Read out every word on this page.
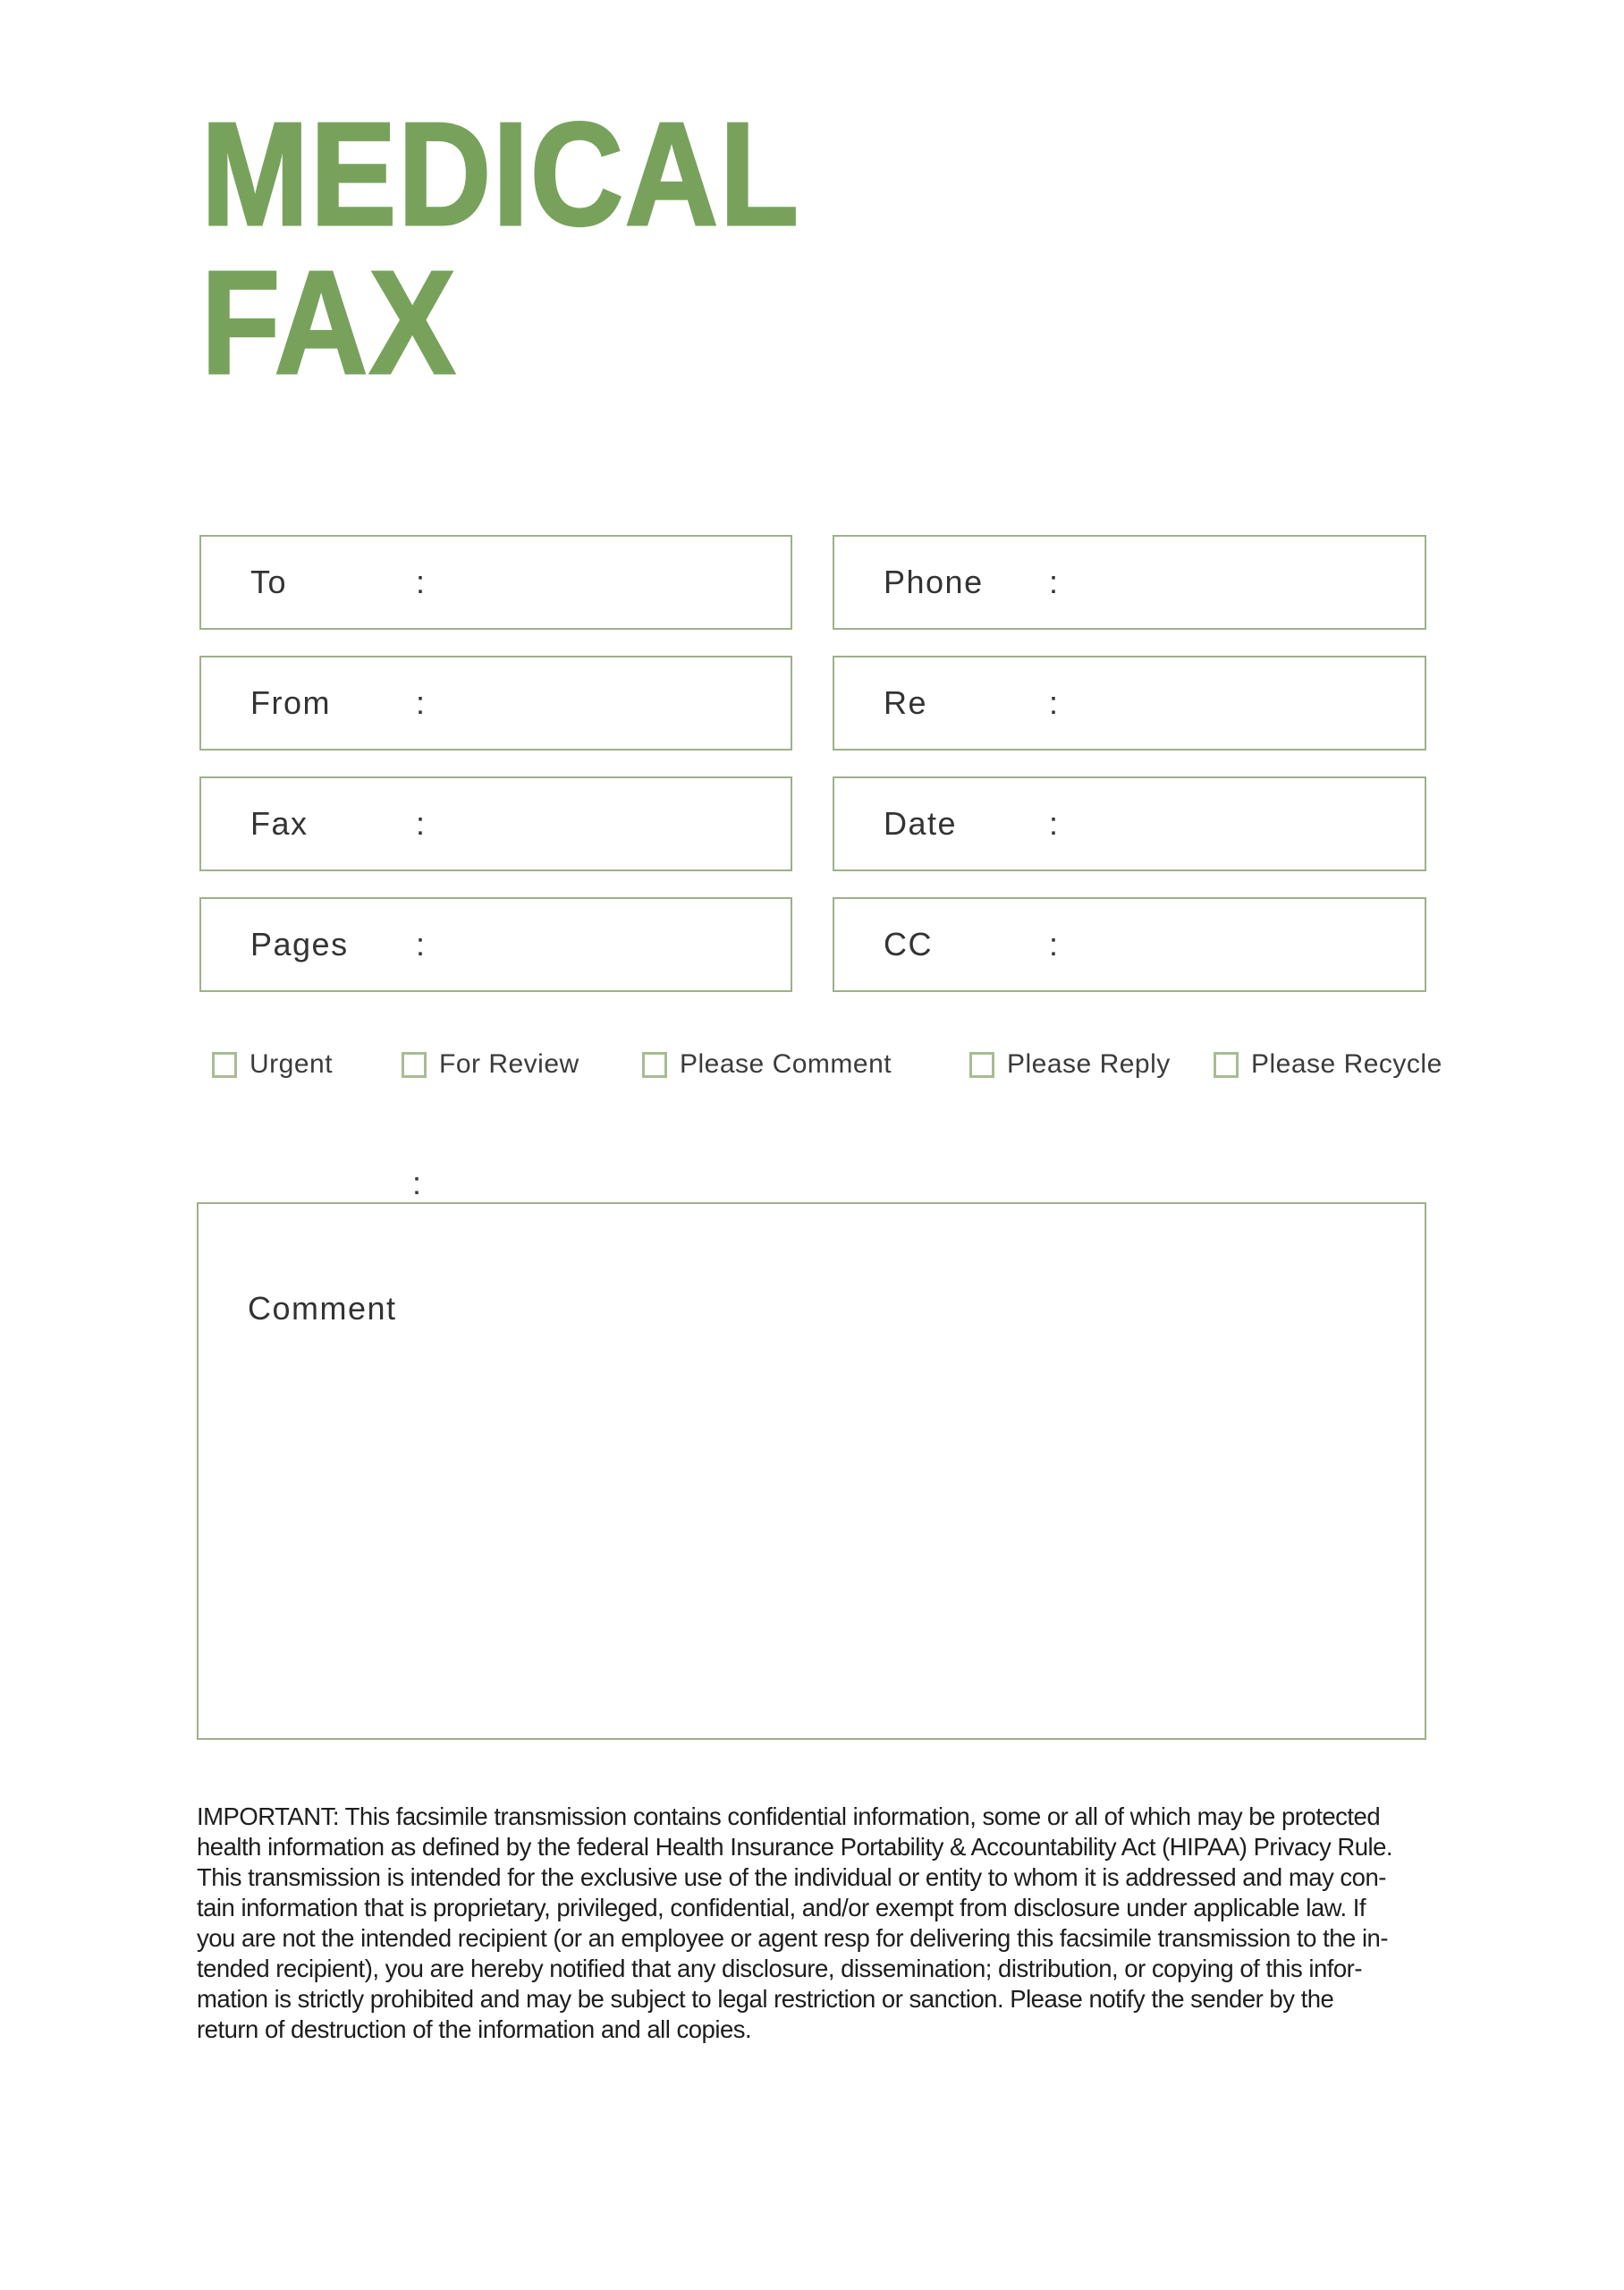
MEDICAL
FAX
To	:	Phone	:
From	:	Re	:
Fax	:	Date	:
Pages	:	CC	:
Urgent	For Review	Please Comment	Please Reply	Please Recycle
:
Comment
IMPORTANT: This facsimile transmission contains confidential information, some or all of which may be protected
health information as defined by the federal Health Insurance Portability & Accountability Act (HIPAA) Privacy Rule.
This transmission is intended for the exclusive use of the individual or entity to whom it is addressed and may con-
tain information that is proprietary, privileged, confidential, and/or exempt from disclosure under applicable law. If
you are not the intended recipient (or an employee or agent resp for delivering this facsimile transmission to the in-
tended recipient), you are hereby notified that any disclosure, dissemination; distribution, or copying of this infor-
mation is strictly prohibited and may be subject to legal restriction or sanction. Please notify the sender by the
return of destruction of the information and all copies.
